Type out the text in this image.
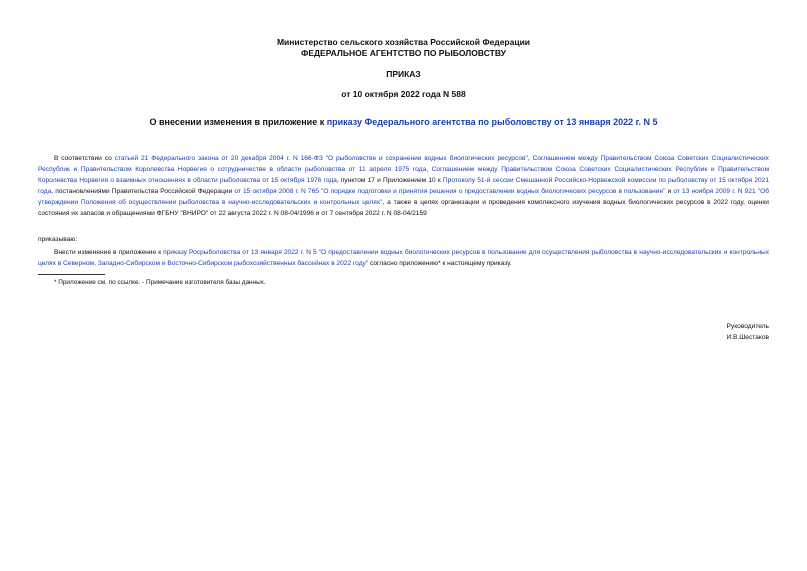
Министерство сельского хозяйства Российской Федерации
ФЕДЕРАЛЬНОЕ АГЕНТСТВО ПО РЫБОЛОВСТВУ
ПРИКАЗ
от 10 октября 2022 года N 588
О внесении изменения в приложение к приказу Федерального агентства по рыболовству от 13 января 2022 г. N 5
В соответствии со статьей 21 Федерального закона от 20 декабря 2004 г. N 166-ФЗ "О рыболовстве и сохранении водных биологических ресурсов", Соглашением между Правительством Союза Советских Социалистических Республик и Правительством Королевства Норвегия о сотрудничестве в области рыболовства от 11 апреля 1975 года, Соглашением между Правительством Союза Советских Социалистических Республик и Правительством Королевства Норвегия о взаимных отношениях в области рыболовства от 15 октября 1976 года, пунктом 17 и Приложением 10 к Протоколу 51-й сессии Смешанной Российско-Норвежской комиссии по рыболовству от 15 октября 2021 года, постановлениями Правительства Российской Федерации от 15 октября 2008 г. N 765 "О порядке подготовки и принятия решения о предоставлении водных биологических ресурсов в пользование" и от 13 ноября 2009 г. N 921 "Об утверждении Положения об осуществлении рыболовства в научно-исследовательских и контрольных целях", а также в целях организации и проведения комплексного изучения водных биологических ресурсов в 2022 году, оценки состояния их запасов и обращениями ФГБНУ "ВНИРО" от 22 августа 2022 г. N 08-04/1996 и от 7 сентября 2022 г. N 08-04/2159
приказываю:
Внести изменение в приложение к приказу Росрыболовства от 13 января 2022 г. N 5 "О предоставлении водных биологических ресурсов в пользование для осуществления рыболовства в научно-исследовательских и контрольных целях в Северном, Западно-Сибирском и Восточно-Сибирском рыбохозяйственных бассейнах в 2022 году" согласно приложению* к настоящему приказу.
* Приложение см. по ссылке. - Примечание изготовителя базы данных.
Руководитель
И.В.Шестаков
